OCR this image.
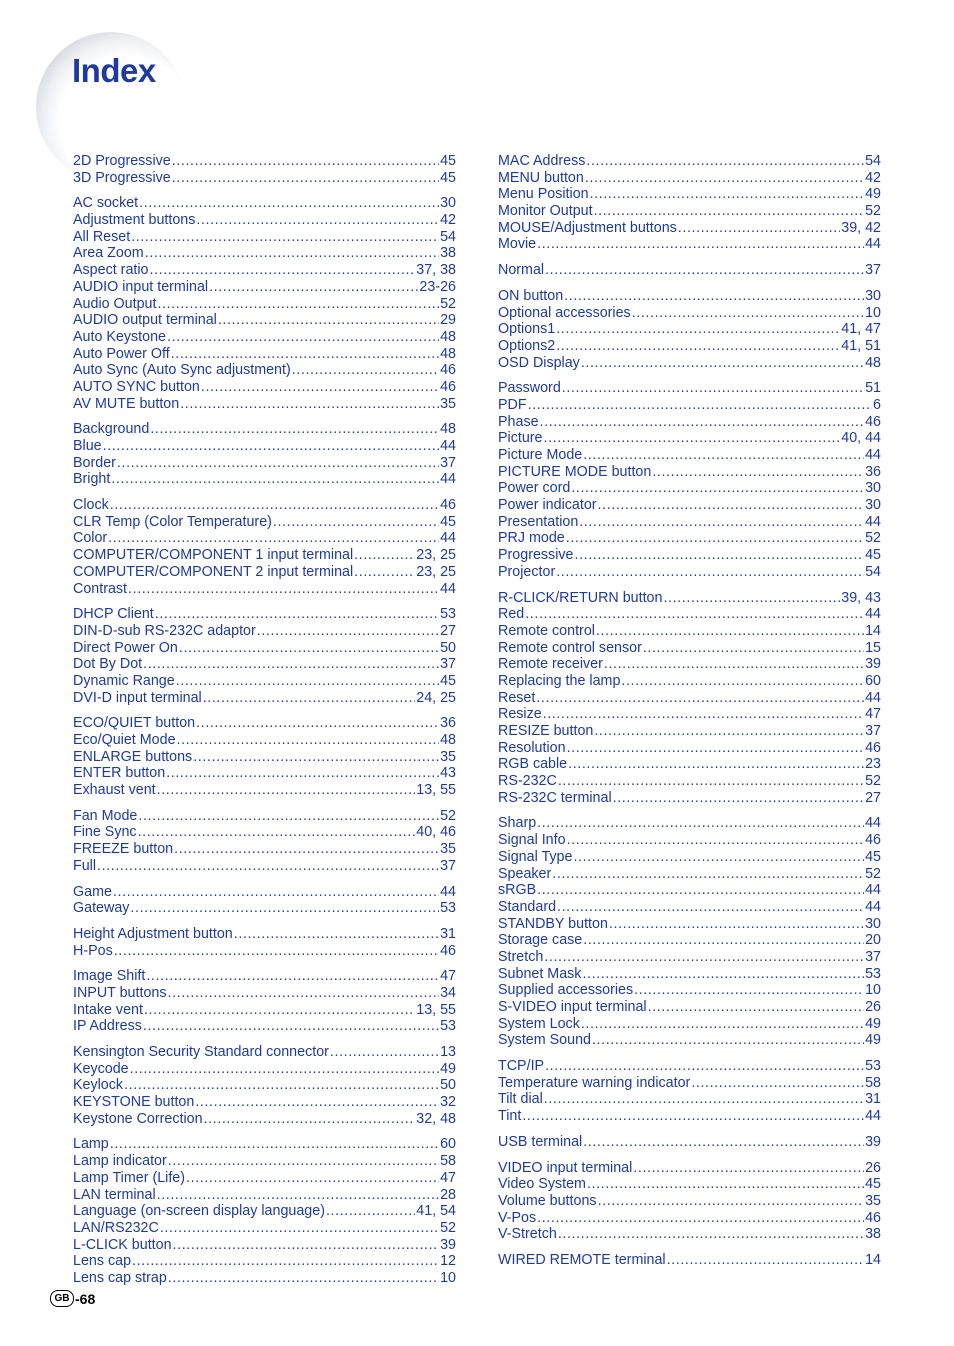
Index
2D Progressive .....	45
3D Progressive .....	45
AC socket .....	30
Adjustment buttons .....	42
All Reset .....	54
Area Zoom .....	38
Aspect ratio .....	37, 38
AUDIO input terminal .....	23-26
Audio Output .....	52
AUDIO output terminal .....	29
Auto Keystone .....	48
Auto Power Off .....	48
Auto Sync (Auto Sync adjustment) .....	46
AUTO SYNC button .....	46
AV MUTE button .....	35
Background .....	48
Blue .....	44
Border .....	37
Bright .....	44
Clock .....	46
CLR Temp (Color Temperature) .....	45
Color .....	44
COMPUTER/COMPONENT 1 input terminal .....	23, 25
COMPUTER/COMPONENT 2 input terminal .....	23, 25
Contrast .....	44
DHCP Client .....	53
DIN-D-sub RS-232C adaptor .....	27
Direct Power On .....	50
Dot By Dot .....	37
Dynamic Range .....	45
DVI-D input terminal .....	24, 25
ECO/QUIET button .....	36
Eco/Quiet Mode .....	48
ENLARGE buttons .....	35
ENTER button .....	43
Exhaust vent .....	13, 55
Fan Mode .....	52
Fine Sync .....	40, 46
FREEZE button .....	35
Full .....	37
Game .....	44
Gateway .....	53
Height Adjustment button .....	31
H-Pos .....	46
Image Shift .....	47
INPUT buttons .....	34
Intake vent .....	13, 55
IP Address .....	53
Kensington Security Standard connector .....	13
Keycode .....	49
Keylock .....	50
KEYSTONE button .....	32
Keystone Correction .....	32, 48
Lamp .....	60
Lamp indicator .....	58
Lamp Timer (Life) .....	47
LAN terminal .....	28
Language (on-screen display language) .....	41, 54
LAN/RS232C .....	52
L-CLICK button .....	39
Lens cap .....	12
Lens cap strap .....	10
MAC Address .....	54
MENU button .....	42
Menu Position .....	49
Monitor Output .....	52
MOUSE/Adjustment buttons .....	39, 42
Movie .....	44
Normal .....	37
ON button .....	30
Optional accessories .....	10
Options1 .....	41, 47
Options2 .....	41, 51
OSD Display .....	48
Password .....	51
PDF .....	6
Phase .....	46
Picture .....	40, 44
Picture Mode .....	44
PICTURE MODE button .....	36
Power cord .....	30
Power indicator .....	30
Presentation .....	44
PRJ mode .....	52
Progressive .....	45
Projector .....	54
R-CLICK/RETURN button .....	39, 43
Red .....	44
Remote control .....	14
Remote control sensor .....	15
Remote receiver .....	39
Replacing the lamp .....	60
Reset .....	44
Resize .....	47
RESIZE button .....	37
Resolution .....	46
RGB cable .....	23
RS-232C .....	52
RS-232C terminal .....	27
Sharp .....	44
Signal Info .....	46
Signal Type .....	45
Speaker .....	52
sRGB .....	44
Standard .....	44
STANDBY button .....	30
Storage case .....	20
Stretch .....	37
Subnet Mask .....	53
Supplied accessories .....	10
S-VIDEO input terminal .....	26
System Lock .....	49
System Sound .....	49
TCP/IP .....	53
Temperature warning indicator .....	58
Tilt dial .....	31
Tint .....	44
USB terminal .....	39
VIDEO input terminal .....	26
Video System .....	45
Volume buttons .....	35
V-Pos .....	46
V-Stretch .....	38
WIRED REMOTE terminal .....	14
GB -68
